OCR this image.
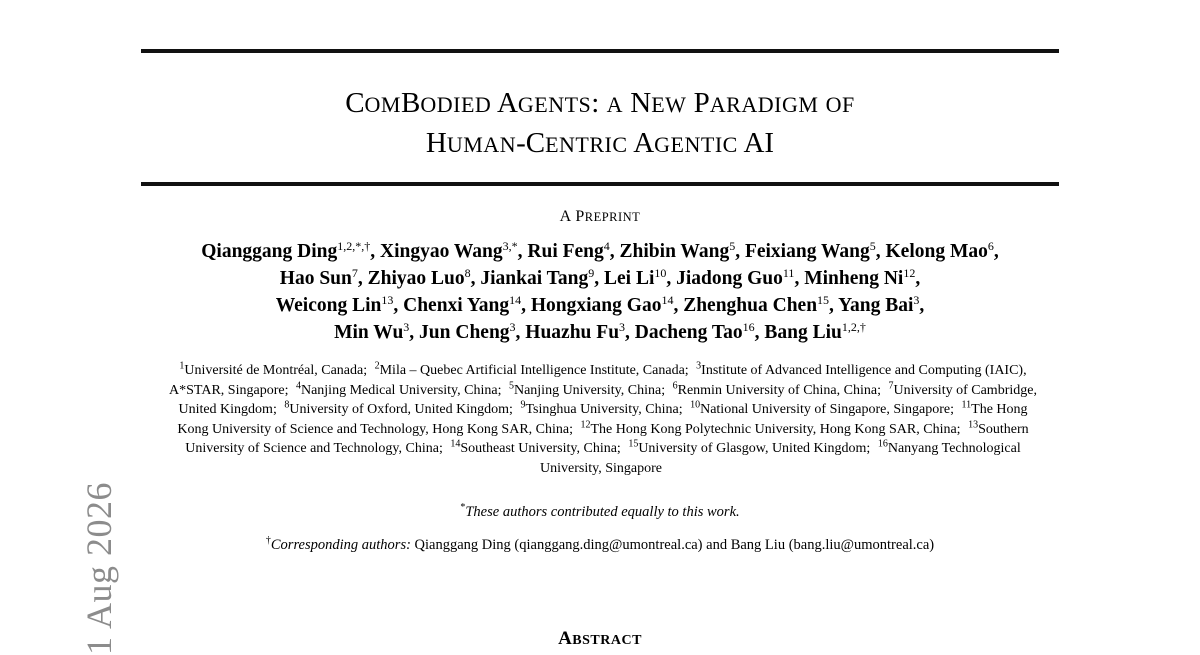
COMBODIED AGENTS: A NEW PARADIGM OF
HUMAN-CENTRIC AGENTIC AI
A PREPRINT
Qianggang Ding$^{1,2,*,\dagger}$, Xingyao Wang$^{3,*}$, Rui Feng$^4$, Zhibin Wang$^5$, Feixiang Wang$^5$, Kelong Mao$^6$,
Hao Sun$^7$, Zhiyao Luo$^8$, Jiankai Tang$^9$, Lei Li$^{10}$, Jiadong Guo$^{11}$, Minheng Ni$^{12}$,
Weicong Lin$^{13}$, Chenxi Yang$^{14}$, Hongxiang Gao$^{14}$, Zhenghua Chen$^{15}$, Yang Bai$^3$,
Min Wu$^3$, Jun Cheng$^3$, Huazhu Fu$^3$, Dacheng Tao$^{16}$, Bang Liu$^{1,2,\dagger}$
$^1$Université de Montréal, Canada; $^2$Mila – Quebec Artificial Intelligence Institute, Canada; $^3$Institute of Advanced Intelligence and Computing (IAIC), A*STAR, Singapore; $^4$Nanjing Medical University, China; $^5$Nanjing University, China; $^6$Renmin University of China, China; $^7$University of Cambridge, United Kingdom; $^8$University of Oxford, United Kingdom; $^9$Tsinghua University, China; $^{10}$National University of Singapore, Singapore; $^{11}$The Hong Kong University of Science and Technology, Hong Kong SAR, China; $^{12}$The Hong Kong Polytechnic University, Hong Kong SAR, China; $^{13}$Southern University of Science and Technology, China; $^{14}$Southeast University, China; $^{15}$University of Glasgow, United Kingdom; $^{16}$Nanyang Technological University, Singapore
*These authors contributed equally to this work.
†Corresponding authors: Qianggang Ding (qianggang.ding@umontreal.ca) and Bang Liu (bang.liu@umontreal.ca)
ABSTRACT
1 Aug 2026
